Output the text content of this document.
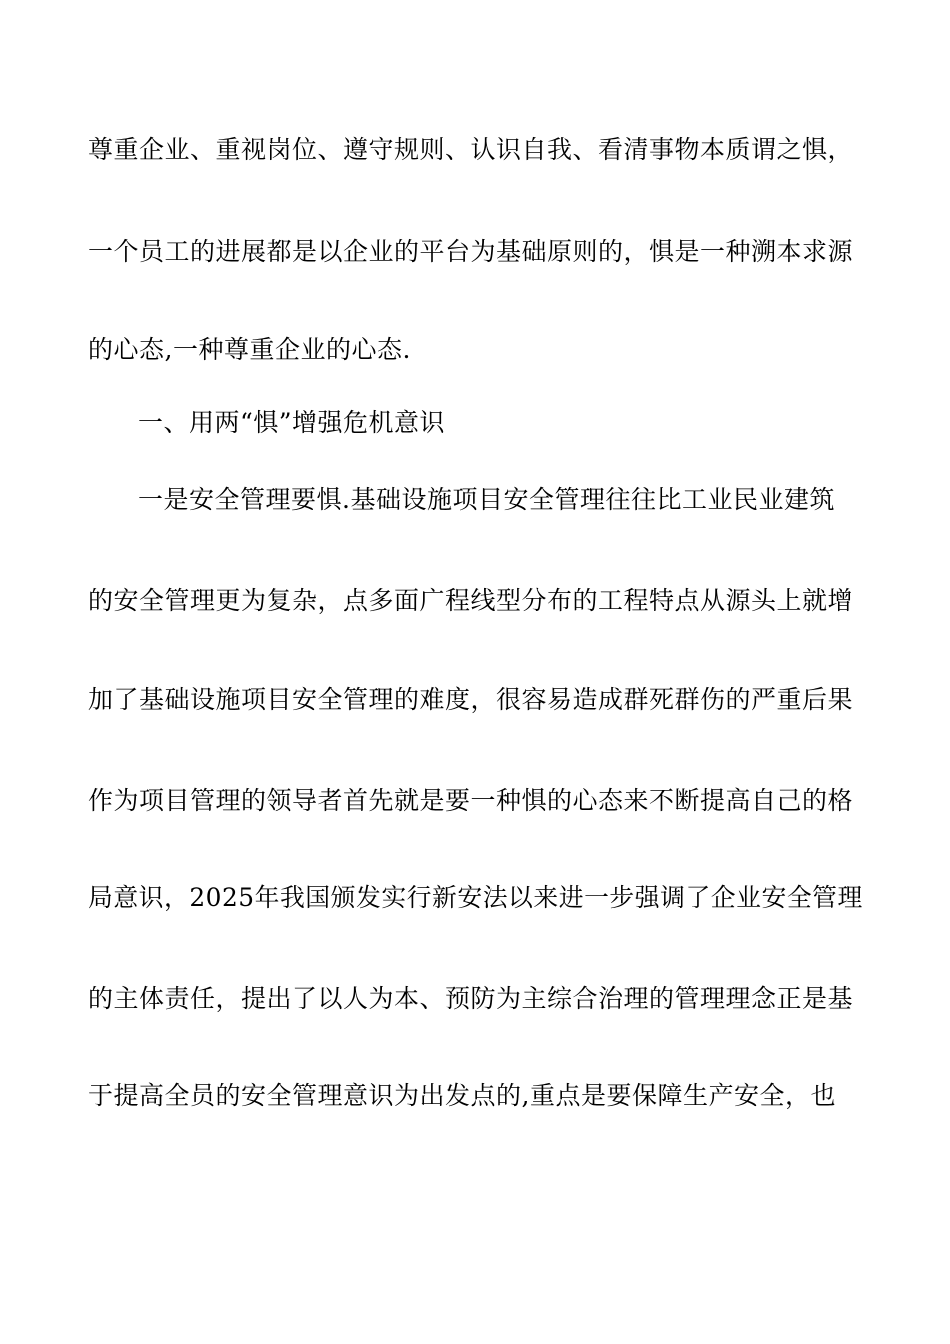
尊重企业、重视岗位、遵守规则、认识自我、看清事物本质谓之惧，
一个员工的进展都是以企业的平台为基础原则的，惧是一种溯本求源
的心态,一种尊重企业的心态.
一、用两“惧”增强危机意识
一是安全管理要惧.基础设施项目安全管理往往比工业民业建筑
的安全管理更为复杂，点多面广程线型分布的工程特点从源头上就增
加了基础设施项目安全管理的难度，很容易造成群死群伤的严重后果
作为项目管理的领导者首先就是要一种惧的心态来不断提高自己的格
局意识，2025年我国颁发实行新安法以来进一步强调了企业安全管理
的主体责任，提出了以人为本、预防为主综合治理的管理理念正是基
于提高全员的安全管理意识为出发点的,重点是要保障生产安全，也
